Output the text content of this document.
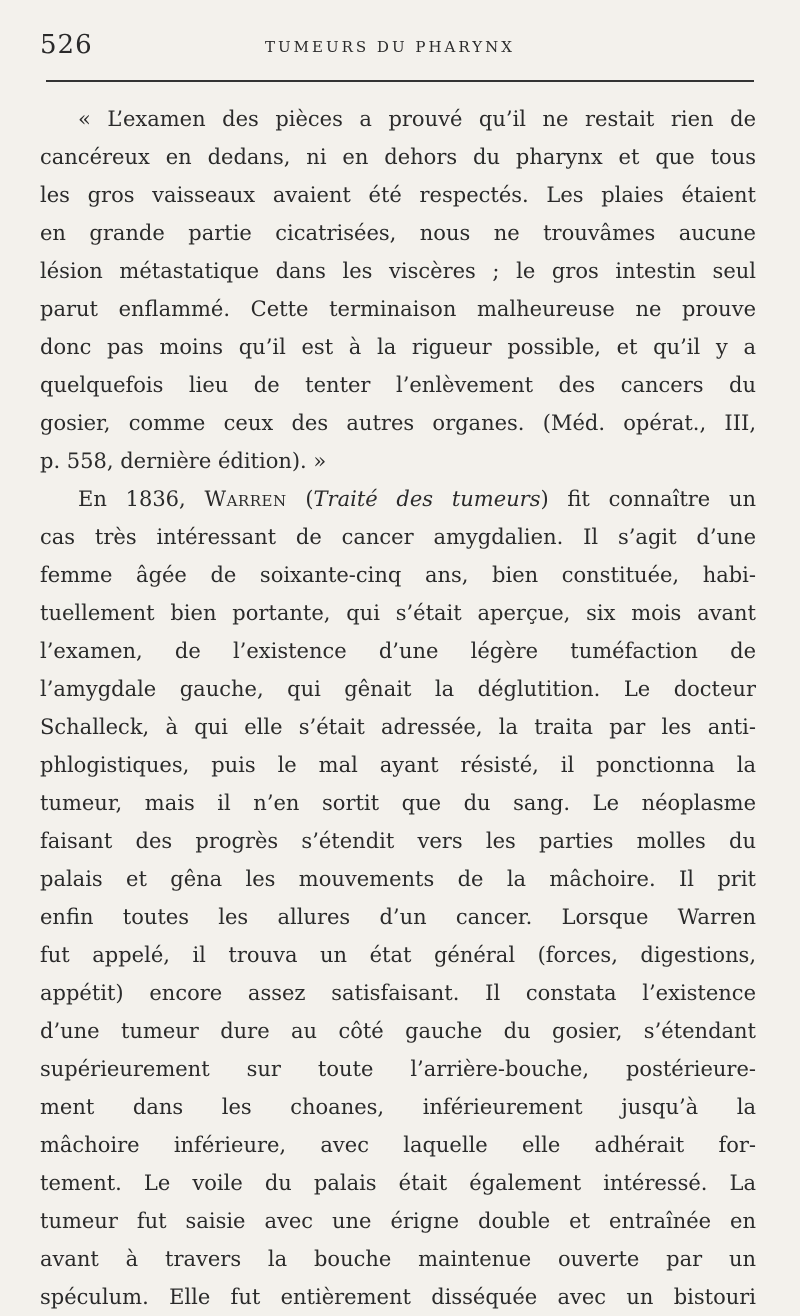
526	TUMEURS DU PHARYNX
« L’examen des pièces a prouvé qu’il ne restait rien de
cancéreux en dedans, ni en dehors du pharynx et que tous
les gros vaisseaux avaient été respectés. Les plaies étaient
en grande partie cicatrisées, nous ne trouvâmes aucune
lésion métastatique dans les viscères ; le gros intestin seul
parut enflammé. Cette terminaison malheureuse ne prouve
donc pas moins qu’il est à la rigueur possible, et qu’il y a
quelquefois lieu de tenter l’enlèvement des cancers du
gosier, comme ceux des autres organes. (Méd. opérat., III,
p. 558, dernière édition). »
En 1836, Warren (Traité des tumeurs) fit connaître un
cas très intéressant de cancer amygdalien. Il s’agit d’une
femme âgée de soixante-cinq ans, bien constituée, habi-
tuellement bien portante, qui s’était aperçue, six mois avant
l’examen, de l’existence d’une légère tuméfaction de
l’amygdale gauche, qui gênait la déglutition. Le docteur
Schalleck, à qui elle s’était adressée, la traita par les anti-
phlogistiques, puis le mal ayant résisté, il ponctionna la
tumeur, mais il n’en sortit que du sang. Le néoplasme
faisant des progrès s’étendit vers les parties molles du
palais et gêna les mouvements de la mâchoire. Il prit
enfin toutes les allures d’un cancer. Lorsque Warren
fut appelé, il trouva un état général (forces, digestions,
appétit) encore assez satisfaisant. Il constata l’existence
d’une tumeur dure au côté gauche du gosier, s’étendant
supérieurement sur toute l’arrière-bouche, postérieure-
ment dans les choanes, inférieurement jusqu’à la
mâchoire inférieure, avec laquelle elle adhérait for-
tement. Le voile du palais était également intéressé. La
tumeur fut saisie avec une érigne double et entraînée en
avant à travers la bouche maintenue ouverte par un
spéculum. Elle fut entièrement disséquée avec un bistouri
